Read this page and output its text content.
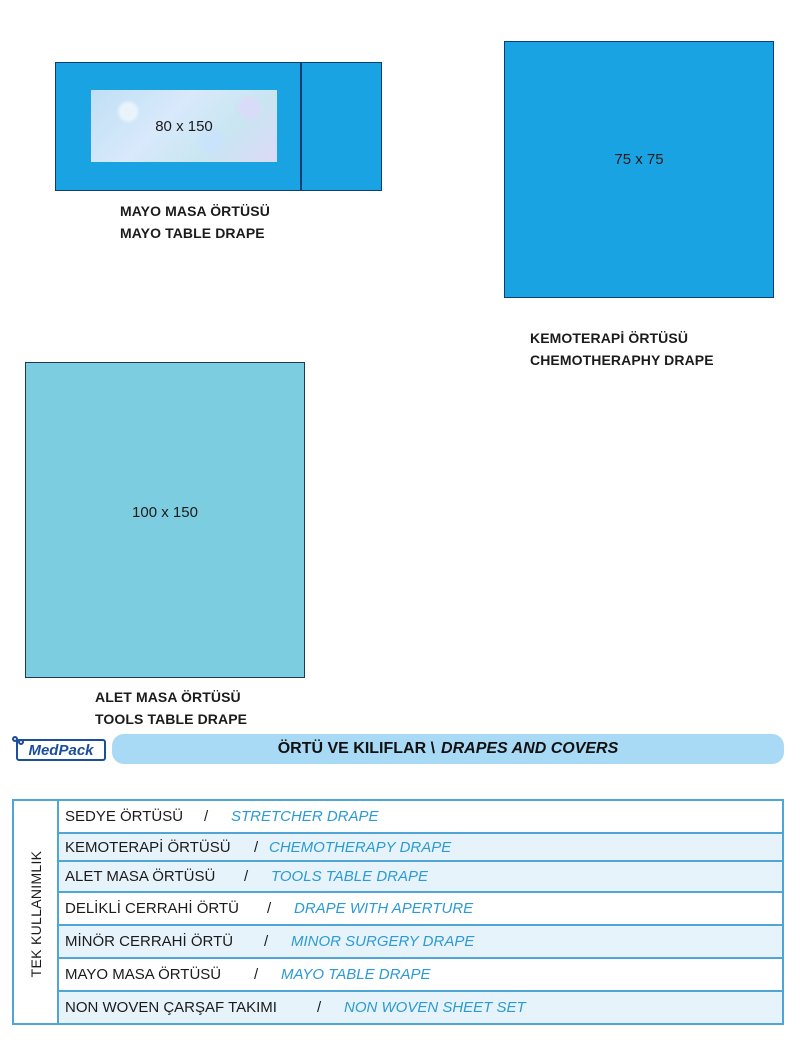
80 x 150
MAYO MASA ÖRTÜSÜ
MAYO TABLE DRAPE
75 x 75
KEMOTERAPİ ÖRTÜSÜ
CHEMOTHERAPHY DRAPE
100 x 150
ALET MASA ÖRTÜSÜ
TOOLS TABLE DRAPE
MedPack	ÖRTÜ VE KILIFLAR \ DRAPES AND COVERS
TEK KULLANIMLIK
SEDYE ÖRTÜSÜ / STRETCHER DRAPE
KEMOTERAPİ ÖRTÜSÜ / CHEMOTHERAPY DRAPE
ALET MASA ÖRTÜSÜ / TOOLS TABLE DRAPE
DELİKLİ CERRAHİ ÖRTÜ / DRAPE WITH APERTURE
MİNÖR CERRAHİ ÖRTÜ / MINOR SURGERY DRAPE
MAYO MASA ÖRTÜSÜ / MAYO TABLE DRAPE
NON WOVEN ÇARŞAF TAKIMI	/ NON WOVEN SHEET SET
